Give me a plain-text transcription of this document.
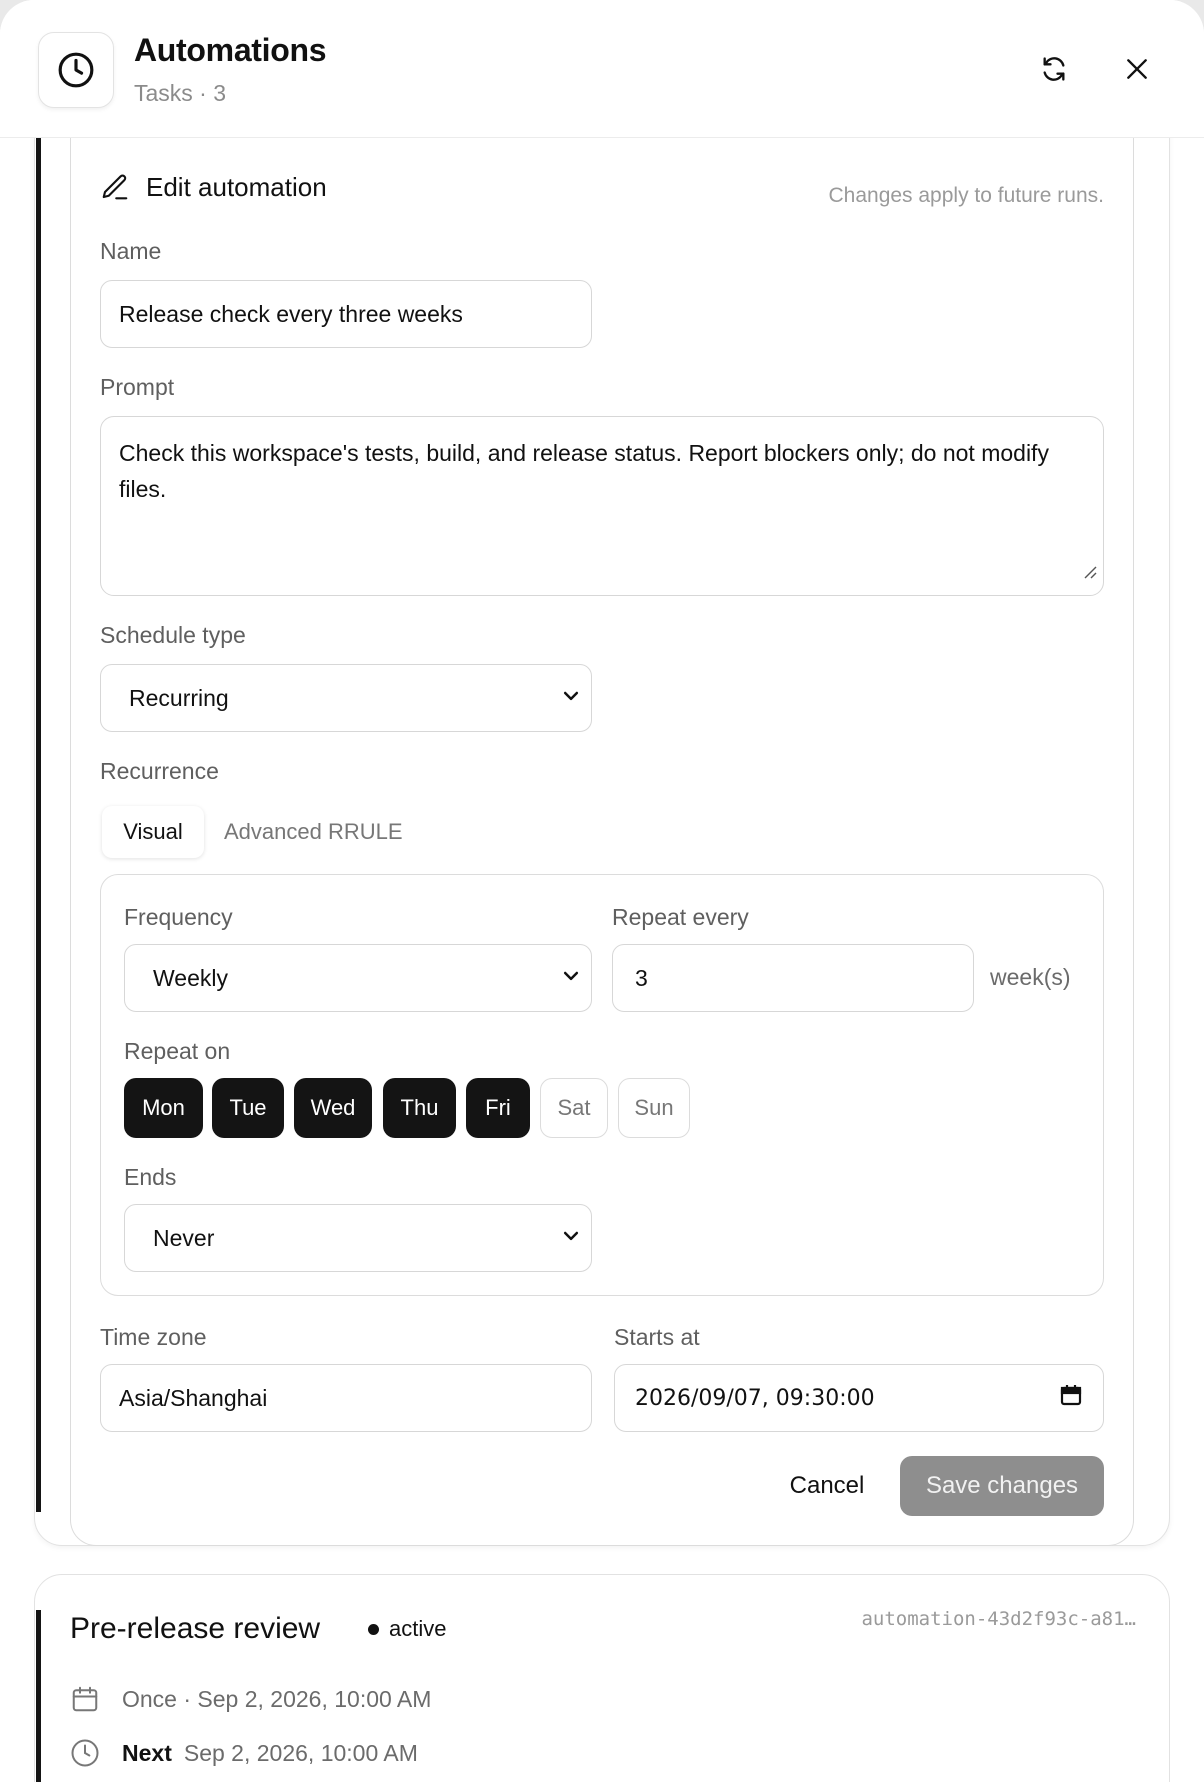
Automations
Tasks · 3
Edit automation	Changes apply to future runs.
Name
Release check every three weeks
Prompt
Check this workspace's tests, build, and release status. Report blockers only; do not modify files.
Schedule type
Recurring
Recurrence
Visual	Advanced RRULE
Frequency
Weekly
Repeat every
3	week(s)
Repeat on
Mon	Tue	Wed	Thu	Fri	Sat	Sun
Ends
Never
Time zone
Asia/Shanghai
Starts at
2026/09/07, 09:30:00
Cancel	Save changes
Pre-release review	active	automation-43d2f93c-a81…
Once · Sep 2, 2026, 10:00 AM
Next Sep 2, 2026, 10:00 AM
